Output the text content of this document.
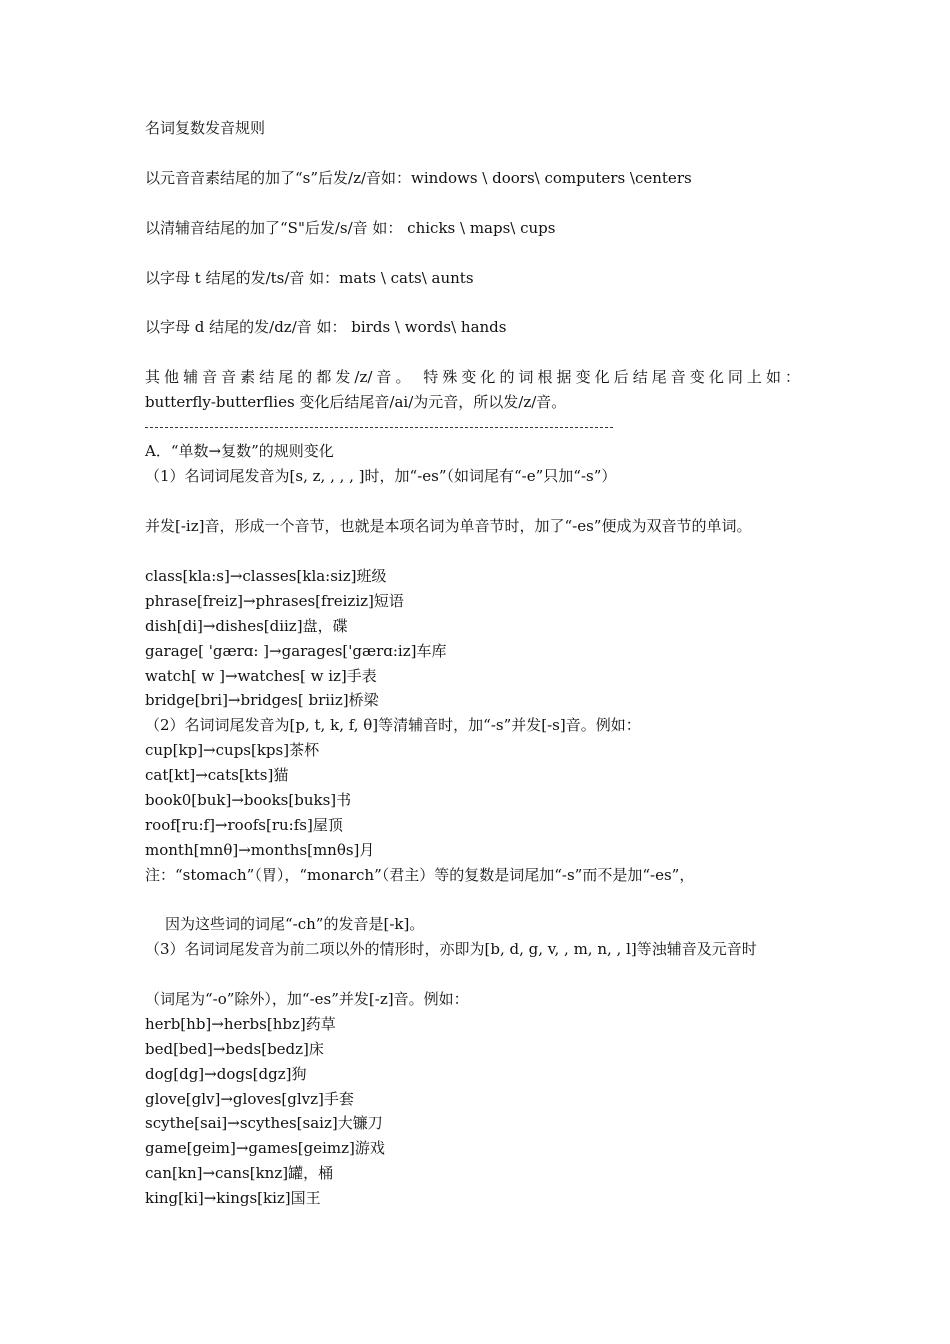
名词复数发音规则
以元音音素结尾的加了“s”后发/z/音如：windows \ doors\ computers \centers
以清辅音结尾的加了“S"后发/s/音 如： chicks \ maps\ cups
以字母 t 结尾的发/ts/音 如：mats \ cats\ aunts
以字母 d 结尾的发/dz/音 如： birds \ words\ hands
其他辅音音素结尾的都发/z/音。 特殊变化的词根据变化后结尾音变化同上如：
butterfly-butterflies 变化后结尾音/ai/为元音，所以发/z/音。
A．“单数→复数”的规则变化
（1）名词词尾发音为[s, z, , , , ]时，加“-es”（如词尾有“-e”只加“-s”）
并发[-iz]音，形成一个音节，也就是本项名词为单音节时，加了“-es”便成为双音节的单词。
class[kla:s]→classes[kla:siz]班级
phrase[freiz]→phrases[freiziz]短语
dish[di]→dishes[diiz]盘，碟
garage[ 'gærɑ: ]→garages['gærɑ:iz]车库
watch[ w ]→watches[ w iz]手表
bridge[bri]→bridges[ briiz]桥梁
（2）名词词尾发音为[p, t, k, f, θ]等清辅音时，加“-s”并发[-s]音。例如：
cup[kp]→cups[kps]茶杯
cat[kt]→cats[kts]猫
book0[buk]→books[buks]书
roof[ru:f]→roofs[ru:fs]屋顶
month[mnθ]→months[mnθs]月
注：“stomach”（胃），“monarch”（君主）等的复数是词尾加“-s”而不是加“-es”，
因为这些词的词尾“-ch”的发音是[-k]。
（3）名词词尾发音为前二项以外的情形时，亦即为[b, d, g, v, , m, n, , l]等浊辅音及元音时
（词尾为“-o”除外），加“-es”并发[-z]音。例如：
herb[hb]→herbs[hbz]药草
bed[bed]→beds[bedz]床
dog[dg]→dogs[dgz]狗
glove[glv]→gloves[glvz]手套
scythe[sai]→scythes[saiz]大镰刀
game[geim]→games[geimz]游戏
can[kn]→cans[knz]罐，桶
king[ki]→kings[kiz]国王
